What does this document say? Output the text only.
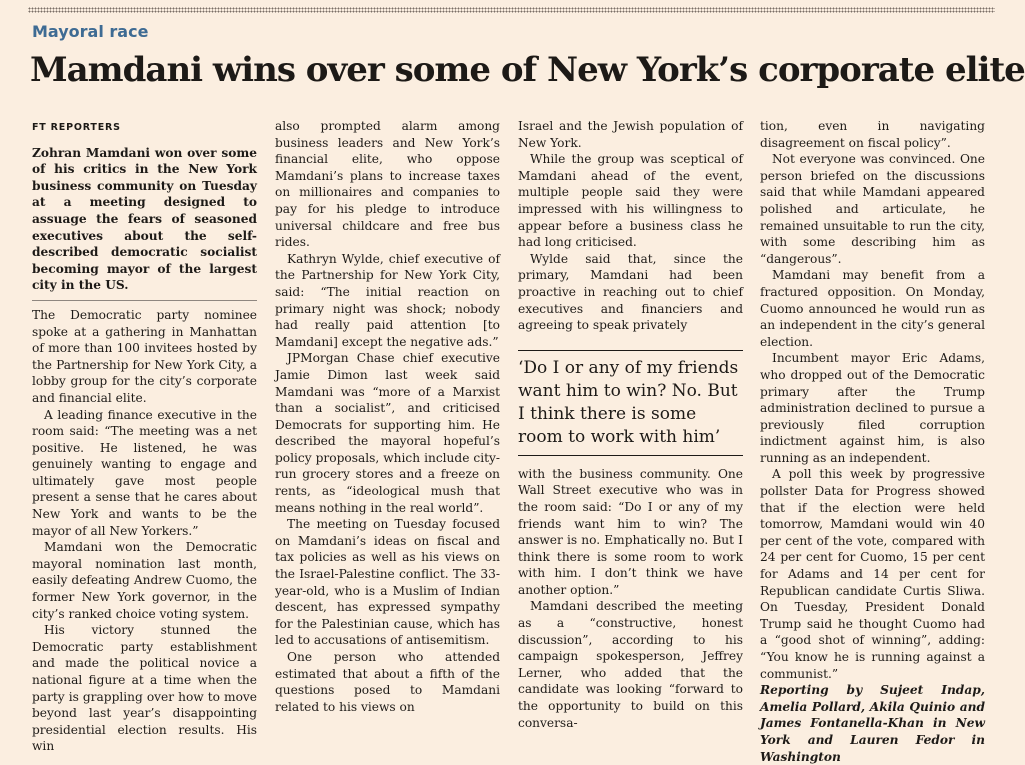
Mayoral race
Mamdani wins over some of New York’s corporate elite
FT REPORTERS

Zohran Mamdani won over some of his critics in the New York business community on Tuesday at a meeting designed to assuage the fears of seasoned executives about the self-described democratic socialist becoming mayor of the largest city in the US.

The Democratic party nominee spoke at a gathering in Manhattan of more than 100 invitees hosted by the Partnership for New York City, a lobby group for the city’s corporate and financial elite.

A leading finance executive in the room said: “The meeting was a net positive. He listened, he was genuinely wanting to engage and ultimately gave most people present a sense that he cares about New York and wants to be the mayor of all New Yorkers.”

Mamdani won the Democratic mayoral nomination last month, easily defeating Andrew Cuomo, the former New York governor, in the city’s ranked choice voting system.

His victory stunned the Democratic party establishment and made the political novice a national figure at a time when the party is grappling over how to move beyond last year’s disappointing presidential election results. His win

also prompted alarm among business leaders and New York’s financial elite, who oppose Mamdani’s plans to increase taxes on millionaires and companies to pay for his pledge to introduce universal childcare and free bus rides.

Kathryn Wylde, chief executive of the Partnership for New York City, said: “The initial reaction on primary night was shock; nobody had really paid attention [to Mamdani] except the negative ads.”

JPMorgan Chase chief executive Jamie Dimon last week said Mamdani was “more of a Marxist than a socialist”, and criticised Democrats for supporting him. He described the mayoral hopeful’s policy proposals, which include city-run grocery stores and a freeze on rents, as “ideological mush that means nothing in the real world”.

The meeting on Tuesday focused on Mamdani’s ideas on fiscal and tax policies as well as his views on the Israel-Palestine conflict. The 33-year-old, who is a Muslim of Indian descent, has expressed sympathy for the Palestinian cause, which has led to accusations of antisemitism.

One person who attended estimated that about a fifth of the questions posed to Mamdani related to his views on

Israel and the Jewish population of New York.

While the group was sceptical of Mamdani ahead of the event, multiple people said they were impressed with his willingness to appear before a business class he had long criticised.

Wylde said that, since the primary, Mamdani had been proactive in reaching out to chief executives and financiers and agreeing to speak privately

‘Do I or any of my friends want him to win? No. But I think there is some room to work with him’

with the business community. One Wall Street executive who was in the room said: “Do I or any of my friends want him to win? The answer is no. Emphatically no. But I think there is some room to work with him. I don’t think we have another option.”

Mamdani described the meeting as a “constructive, honest discussion”, according to his campaign spokesperson, Jeffrey Lerner, who added that the candidate was looking “forward to the opportunity to build on this conversa-

tion, even in navigating disagreement on fiscal policy”.

Not everyone was convinced. One person briefed on the discussions said that while Mamdani appeared polished and articulate, he remained unsuitable to run the city, with some describing him as “dangerous”.

Mamdani may benefit from a fractured opposition. On Monday, Cuomo announced he would run as an independent in the city’s general election.

Incumbent mayor Eric Adams, who dropped out of the Democratic primary after the Trump administration declined to pursue a previously filed corruption indictment against him, is also running as an independent.

A poll this week by progressive pollster Data for Progress showed that if the election were held tomorrow, Mamdani would win 40 per cent of the vote, compared with 24 per cent for Cuomo, 15 per cent for Adams and 14 per cent for Republican candidate Curtis Sliwa. On Tuesday, President Donald Trump said he thought Cuomo had a “good shot of winning”, adding: “You know he is running against a communist.”

Reporting by Sujeet Indap, Amelia Pollard, Akila Quinio and James Fontanella-Khan in New York and Lauren Fedor in Washington
